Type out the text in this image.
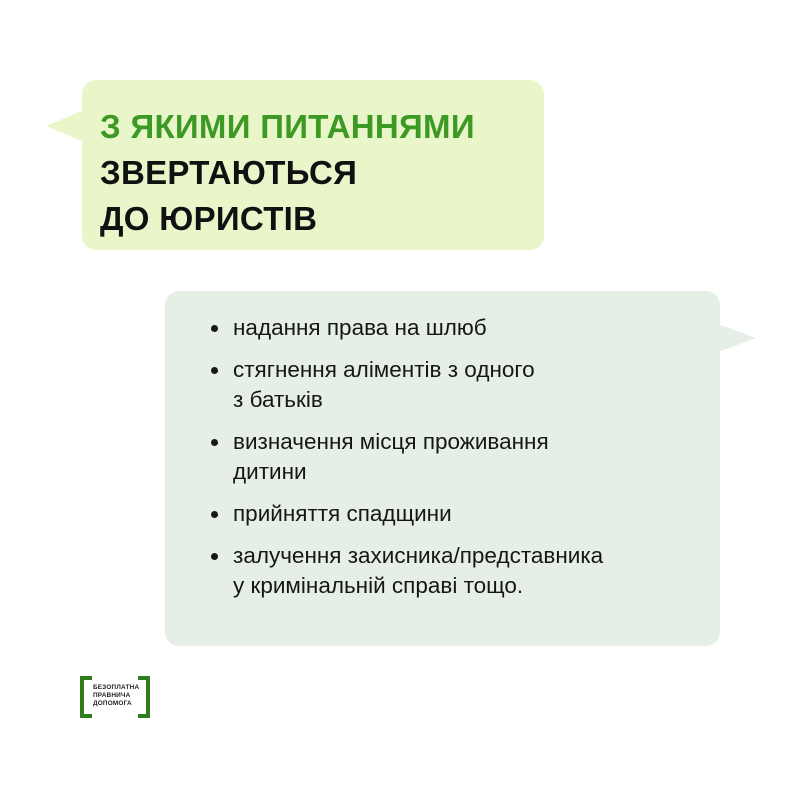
З ЯКИМИ ПИТАННЯМИ
ЗВЕРТАЮТЬСЯ
ДО ЮРИСТІВ
надання права на шлюб
стягнення аліментів з одного
з батьків
визначення місця проживання
дитини
прийняття спадщини
залучення захисника/представника
у кримінальній справі тощо.
БЕЗОПЛАТНА
ПРАВНИЧА
ДОПОМОГА
